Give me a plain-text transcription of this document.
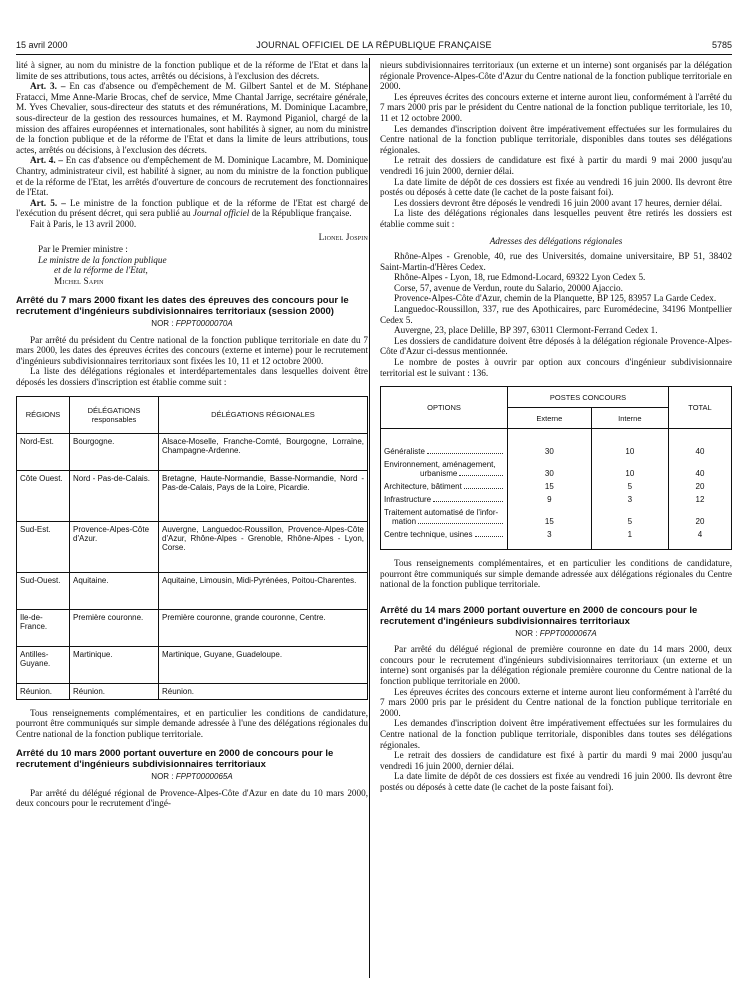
15 avril 2000	JOURNAL OFFICIEL DE LA RÉPUBLIQUE FRANÇAISE	5785

lité à signer, au nom du ministre de la fonction publique et de la réforme de l'Etat et dans la limite de ses attributions, tous actes, arrêtés ou décisions, à l'exclusion des décrets.

Art. 3. – En cas d'absence ou d'empêchement de M. Gilbert Santel et de M. Stéphane Fratacci, Mme Anne-Marie Brocas, chef de service, Mme Chantal Jarrige, secrétaire générale, M. Yves Chevalier, sous-directeur des statuts et des rémunérations, M. Dominique Lacambre, sous-directeur de la gestion des ressources humaines, et M. Raymond Piganiol, chargé de la mission des affaires européennes et internationales, sont habilités à signer, au nom du ministre de la fonction publique et de la réforme de l'Etat et dans la limite de leurs attributions, tous actes, arrêtés ou décisions, à l'exclusion des décrets.

Art. 4. – En cas d'absence ou d'empêchement de M. Dominique Lacambre, M. Dominique Chantry, administrateur civil, est habilité à signer, au nom du ministre de la fonction publique et de la réforme de l'Etat, les arrêtés d'ouverture de concours de recrutement des fonctionnaires de l'Etat.

Art. 5. – Le ministre de la fonction publique et de la réforme de l'Etat est chargé de l'exécution du présent décret, qui sera publié au Journal officiel de la République française.

Fait à Paris, le 13 avril 2000.

Lionel Jospin

Par le Premier ministre :
Le ministre de la fonction publique
et de la réforme de l'Etat,
Michel Sapin
Arrêté du 7 mars 2000 fixant les dates des épreuves des concours pour le recrutement d'ingénieurs subdivisionnaires territoriaux (session 2000)
NOR : FPPT0000070A

Par arrêté du président du Centre national de la fonction publique territoriale en date du 7 mars 2000, les dates des épreuves écrites des concours (externe et interne) pour le recrutement d'ingénieurs subdivisionnaires territoriaux sont fixées les 10, 11 et 12 octobre 2000.

La liste des délégations régionales et interdépartementales dans lesquelles doivent être déposés les dossiers d'inscription est établie comme suit :

RÉGIONS	DÉLÉGATIONS responsables	DÉLÉGATIONS RÉGIONALES
Nord-Est.	Bourgogne.	Alsace-Moselle, Franche-Comté, Bourgogne, Lorraine, Champagne-Ardenne.
Côte Ouest.	Nord - Pas-de-Calais.	Bretagne, Haute-Normandie, Basse-Normandie, Nord - Pas-de-Calais, Pays de la Loire, Picardie.
Sud-Est.	Provence-Alpes-Côte d'Azur.	Auvergne, Languedoc-Roussillon, Provence-Alpes-Côte d'Azur, Rhône-Alpes - Grenoble, Rhône-Alpes - Lyon, Corse.
Sud-Ouest.	Aquitaine.	Aquitaine, Limousin, Midi-Pyrénées, Poitou-Charentes.
Ile-de-France.	Première couronne.	Première couronne, grande couronne, Centre.
Antilles-Guyane.	Martinique.	Martinique, Guyane, Guadeloupe.
Réunion.	Réunion.	Réunion.

Tous renseignements complémentaires, et en particulier les conditions de candidature, pourront être communiqués sur simple demande adressée à l'une des délégations régionales du Centre national de la fonction publique territoriale.

Arrêté du 10 mars 2000 portant ouverture en 2000 de concours pour le recrutement d'ingénieurs subdivisionnaires territoriaux
NOR : FPPT0000065A

Par arrêté du délégué régional de Provence-Alpes-Côte d'Azur en date du 10 mars 2000, deux concours pour le recrutement d'ingé-

nieurs subdivisionnaires territoriaux (un externe et un interne) sont organisés par la délégation régionale Provence-Alpes-Côte d'Azur du Centre national de la fonction publique territoriale en 2000.

Les épreuves écrites des concours externe et interne auront lieu, conformément à l'arrêté du 7 mars 2000 pris par le président du Centre national de la fonction publique territoriale, les 10, 11 et 12 octobre 2000.

Les demandes d'inscription doivent être impérativement effectuées sur les formulaires du Centre national de la fonction publique territoriale, disponibles dans toutes ses délégations régionales.

Le retrait des dossiers de candidature est fixé à partir du mardi 9 mai 2000 jusqu'au vendredi 16 juin 2000, dernier délai.

La date limite de dépôt de ces dossiers est fixée au vendredi 16 juin 2000. Ils devront être postés ou déposés à cette date (le cachet de la poste faisant foi).

Les dossiers devront être déposés le vendredi 16 juin 2000 avant 17 heures, dernier délai.

La liste des délégations régionales dans lesquelles peuvent être retirés les dossiers est établie comme suit :

Adresses des délégations régionales

Rhône-Alpes - Grenoble, 40, rue des Universités, domaine universitaire, BP 51, 38402 Saint-Martin-d'Hères Cedex.

Rhône-Alpes - Lyon, 18, rue Edmond-Locard, 69322 Lyon Cedex 5.

Corse, 57, avenue de Verdun, route du Salario, 20000 Ajaccio.

Provence-Alpes-Côte d'Azur, chemin de la Planquette, BP 125, 83957 La Garde Cedex.

Languedoc-Roussillon, 337, rue des Apothicaires, parc Euromédecine, 34196 Montpellier Cedex 5.

Auvergne, 23, place Delille, BP 397, 63011 Clermont-Ferrand Cedex 1.

Les dossiers de candidature doivent être déposés à la délégation régionale Provence-Alpes-Côte d'Azur ci-dessus mentionnée.

Le nombre de postes à ouvrir par option aux concours d'ingénieur subdivisionnaire territorial est le suivant : 136.

OPTIONS	POSTES CONCOURS		TOTAL
	Externe	Interne	

Généraliste	30	10	40

Environnement, aménagement,
urbanisme	30	10	40

Architecture, bâtiment	15	5	20

Infrastructure	9	3	12

Traitement automatisé de l'infor-
mation	15	5	20

Centre technique, usines	3	1	4

Tous renseignements complémentaires, et en particulier les conditions de candidature, pourront être communiqués sur simple demande adressée aux délégations régionales du Centre national de la fonction publique territoriale.

Arrêté du 14 mars 2000 portant ouverture en 2000 de concours pour le recrutement d'ingénieurs subdivisionnaires territoriaux
NOR : FPPT0000067A

Par arrêté du délégué régional de première couronne en date du 14 mars 2000, deux concours pour le recrutement d'ingénieurs subdivisionnaires territoriaux (un externe et un interne) sont organisés par la délégation régionale première couronne du Centre national de la fonction publique territoriale en 2000.

Les épreuves écrites des concours externe et interne auront lieu conformément à l'arrêté du 7 mars 2000 pris par le président du Centre national de la fonction publique territoriale en 2000.

Les demandes d'inscription doivent être impérativement effectuées sur les formulaires du Centre national de la fonction publique territoriale, disponibles dans toutes ses délégations régionales.

Le retrait des dossiers de candidature est fixé à partir du mardi 9 mai 2000 jusqu'au vendredi 16 juin 2000, dernier délai.

La date limite de dépôt de ces dossiers est fixée au vendredi 16 juin 2000. Ils devront être postés ou déposés à cette date (le cachet de la poste faisant foi).
